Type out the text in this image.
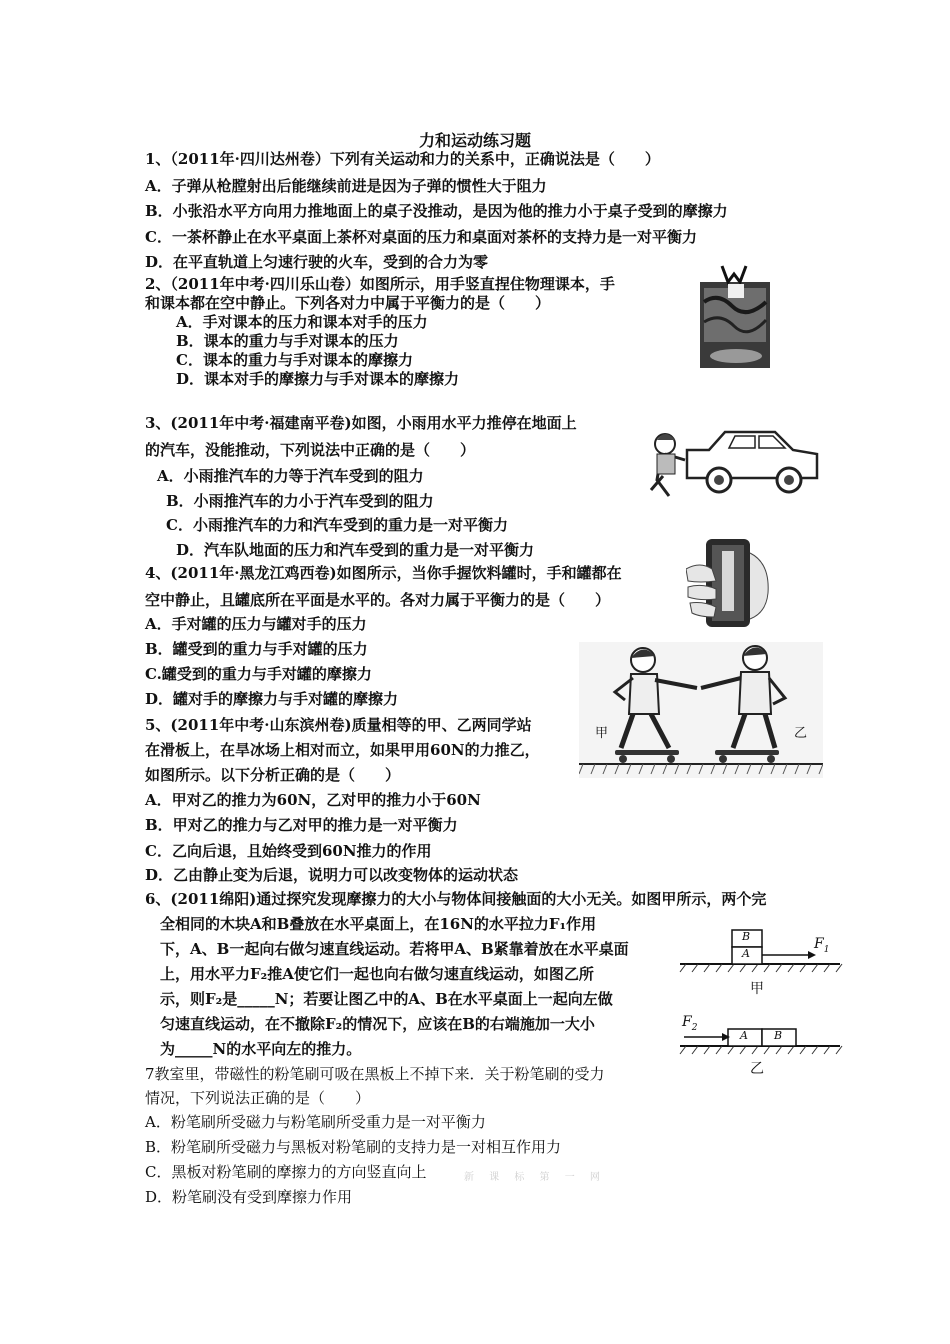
力和运动练习题
1、（2011年·四川达州卷）下列有关运动和力的关系中，正确说法是（　　）
A．子弹从枪膛射出后能继续前进是因为子弹的惯性大于阻力
B．小张沿水平方向用力推地面上的桌子没推动，是因为他的推力小于桌子受到的摩擦力
C．一茶杯静止在水平桌面上茶杯对桌面的压力和桌面对茶杯的支持力是一对平衡力
D．在平直轨道上匀速行驶的火车，受到的合力为零
2、（2011年中考·四川乐山卷）如图所示，用手竖直捏住物理课本，手
和课本都在空中静止。下列各对力中属于平衡力的是（　　）
A．手对课本的压力和课本对手的压力
B．课本的重力与手对课本的压力
C．课本的重力与手对课本的摩擦力
D．课本对手的摩擦力与手对课本的摩擦力
3、(2011年中考·福建南平卷)如图，小雨用水平力推停在地面上
的汽车，没能推动，下列说法中正确的是（　　）
A．小雨推汽车的力等于汽车受到的阻力
B．小雨推汽车的力小于汽车受到的阻力
C．小雨推汽车的力和汽车受到的重力是一对平衡力
D．汽车队地面的压力和汽车受到的重力是一对平衡力
4、(2011年·黑龙江鸡西卷)如图所示，当你手握饮料罐时，手和罐都在
空中静止，且罐底所在平面是水平的。各对力属于平衡力的是（　　）
A．手对罐的压力与罐对手的压力
B．罐受到的重力与手对罐的压力
C.罐受到的重力与手对罐的摩擦力
D．罐对手的摩擦力与手对罐的摩擦力
5、(2011年中考·山东滨州卷)质量相等的甲、乙两同学站
在滑板上，在旱冰场上相对而立，如果甲用60N的力推乙，
如图所示。以下分析正确的是（　　）
A．甲对乙的推力为60N，乙对甲的推力小于60N
B．甲对乙的推力与乙对甲的推力是一对平衡力
C．乙向后退，且始终受到60N推力的作用
D．乙由静止变为后退，说明力可以改变物体的运动状态
甲	乙
6、(2011绵阳)通过探究发现摩擦力的大小与物体间接触面的大小无关。如图甲所示，两个完
全相同的木块A和B叠放在水平桌面上，在16N的水平拉力F₁作用
下，A、B一起向右做匀速直线运动。若将甲A、B紧靠着放在水平桌面
上，用水平力F₂推A使它们一起也向右做匀速直线运动，如图乙所
示，则F₂是_____N；若要让图乙中的A、B在水平桌面上一起向左做
匀速直线运动，在不撤除F₂的情况下，应该在B的右端施加一大小
为_____N的水平向左的推力。
B
A
$F_1$
甲
$F_2$
A B
乙
7教室里，带磁性的粉笔刷可吸在黑板上不掉下来．关于粉笔刷的受力
情况，下列说法正确的是（　　）
A．粉笔刷所受磁力与粉笔刷所受重力是一对平衡力
B．粉笔刷所受磁力与黑板对粉笔刷的支持力是一对相互作用力
C．黑板对粉笔刷的摩擦力的方向竖直向上
D．粉笔刷没有受到摩擦力作用
新 课 标 第 一 网
